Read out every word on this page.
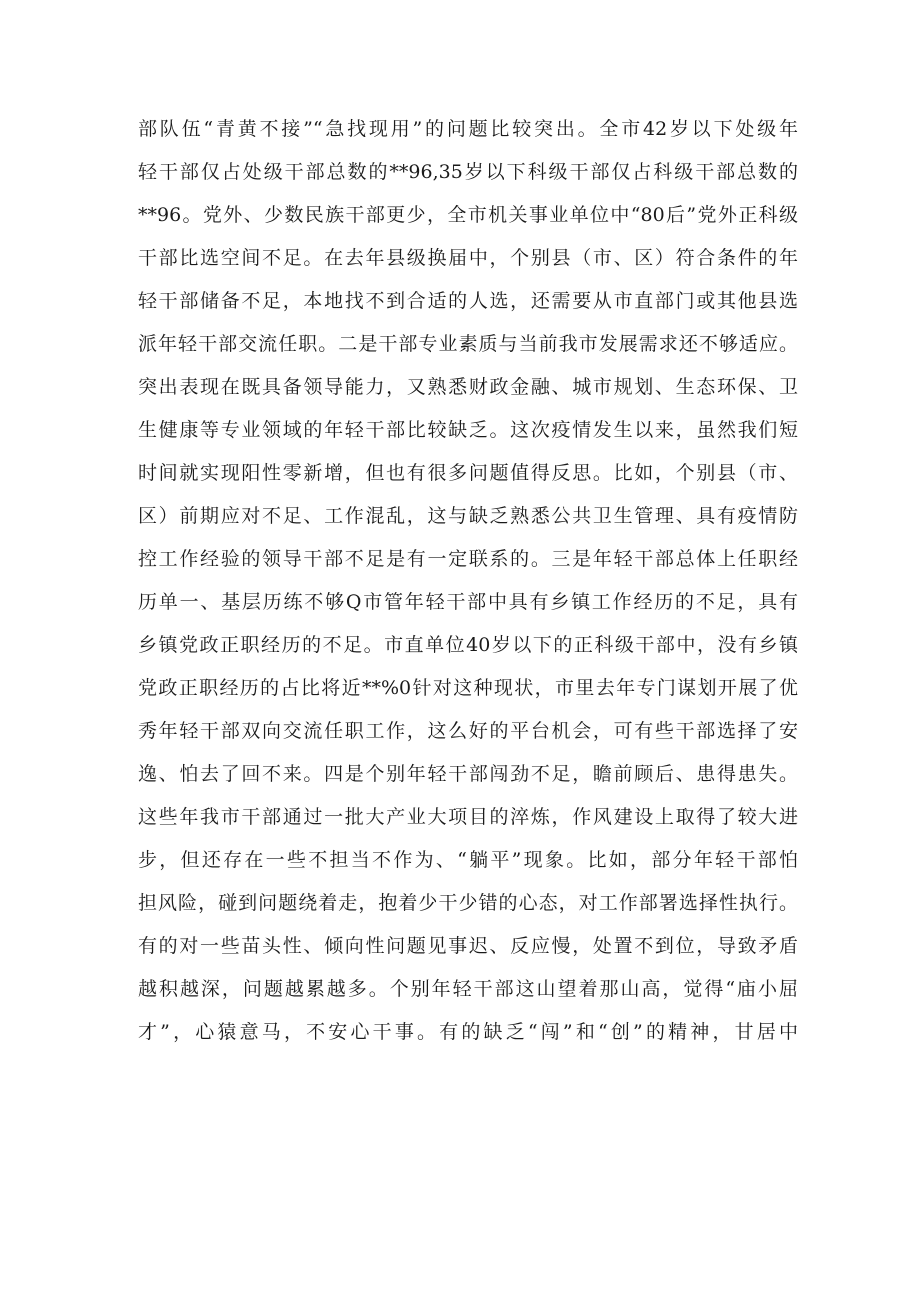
部队伍“青黄不接”“急找现用”的问题比较突出。全市42岁以下处级年
轻干部仅占处级干部总数的**96,35岁以下科级干部仅占科级干部总数的
**96。党外、少数民族干部更少，全市机关事业单位中“80后”党外正科级
干部比选空间不足。在去年县级换届中，个别县（市、区）符合条件的年
轻干部储备不足，本地找不到合适的人选，还需要从市直部门或其他县选
派年轻干部交流任职。二是干部专业素质与当前我市发展需求还不够适应。
突出表现在既具备领导能力，又熟悉财政金融、城市规划、生态环保、卫
生健康等专业领域的年轻干部比较缺乏。这次疫情发生以来，虽然我们短
时间就实现阳性零新增，但也有很多问题值得反思。比如，个别县（市、
区）前期应对不足、工作混乱，这与缺乏熟悉公共卫生管理、具有疫情防
控工作经验的领导干部不足是有一定联系的。三是年轻干部总体上任职经
历单一、基层历练不够Q市管年轻干部中具有乡镇工作经历的不足，具有
乡镇党政正职经历的不足。市直单位40岁以下的正科级干部中，没有乡镇
党政正职经历的占比将近**%0针对这种现状，市里去年专门谋划开展了优
秀年轻干部双向交流任职工作，这么好的平台机会，可有些干部选择了安
逸、怕去了回不来。四是个别年轻干部闯劲不足，瞻前顾后、患得患失。
这些年我市干部通过一批大产业大项目的淬炼，作风建设上取得了较大进
步，但还存在一些不担当不作为、“躺平”现象。比如，部分年轻干部怕
担风险，碰到问题绕着走，抱着少干少错的心态，对工作部署选择性执行。
有的对一些苗头性、倾向性问题见事迟、反应慢，处置不到位，导致矛盾
越积越深，问题越累越多。个别年轻干部这山望着那山高，觉得“庙小屈
才”，心猿意马，不安心干事。有的缺乏“闯”和“创”的精神，甘居中
